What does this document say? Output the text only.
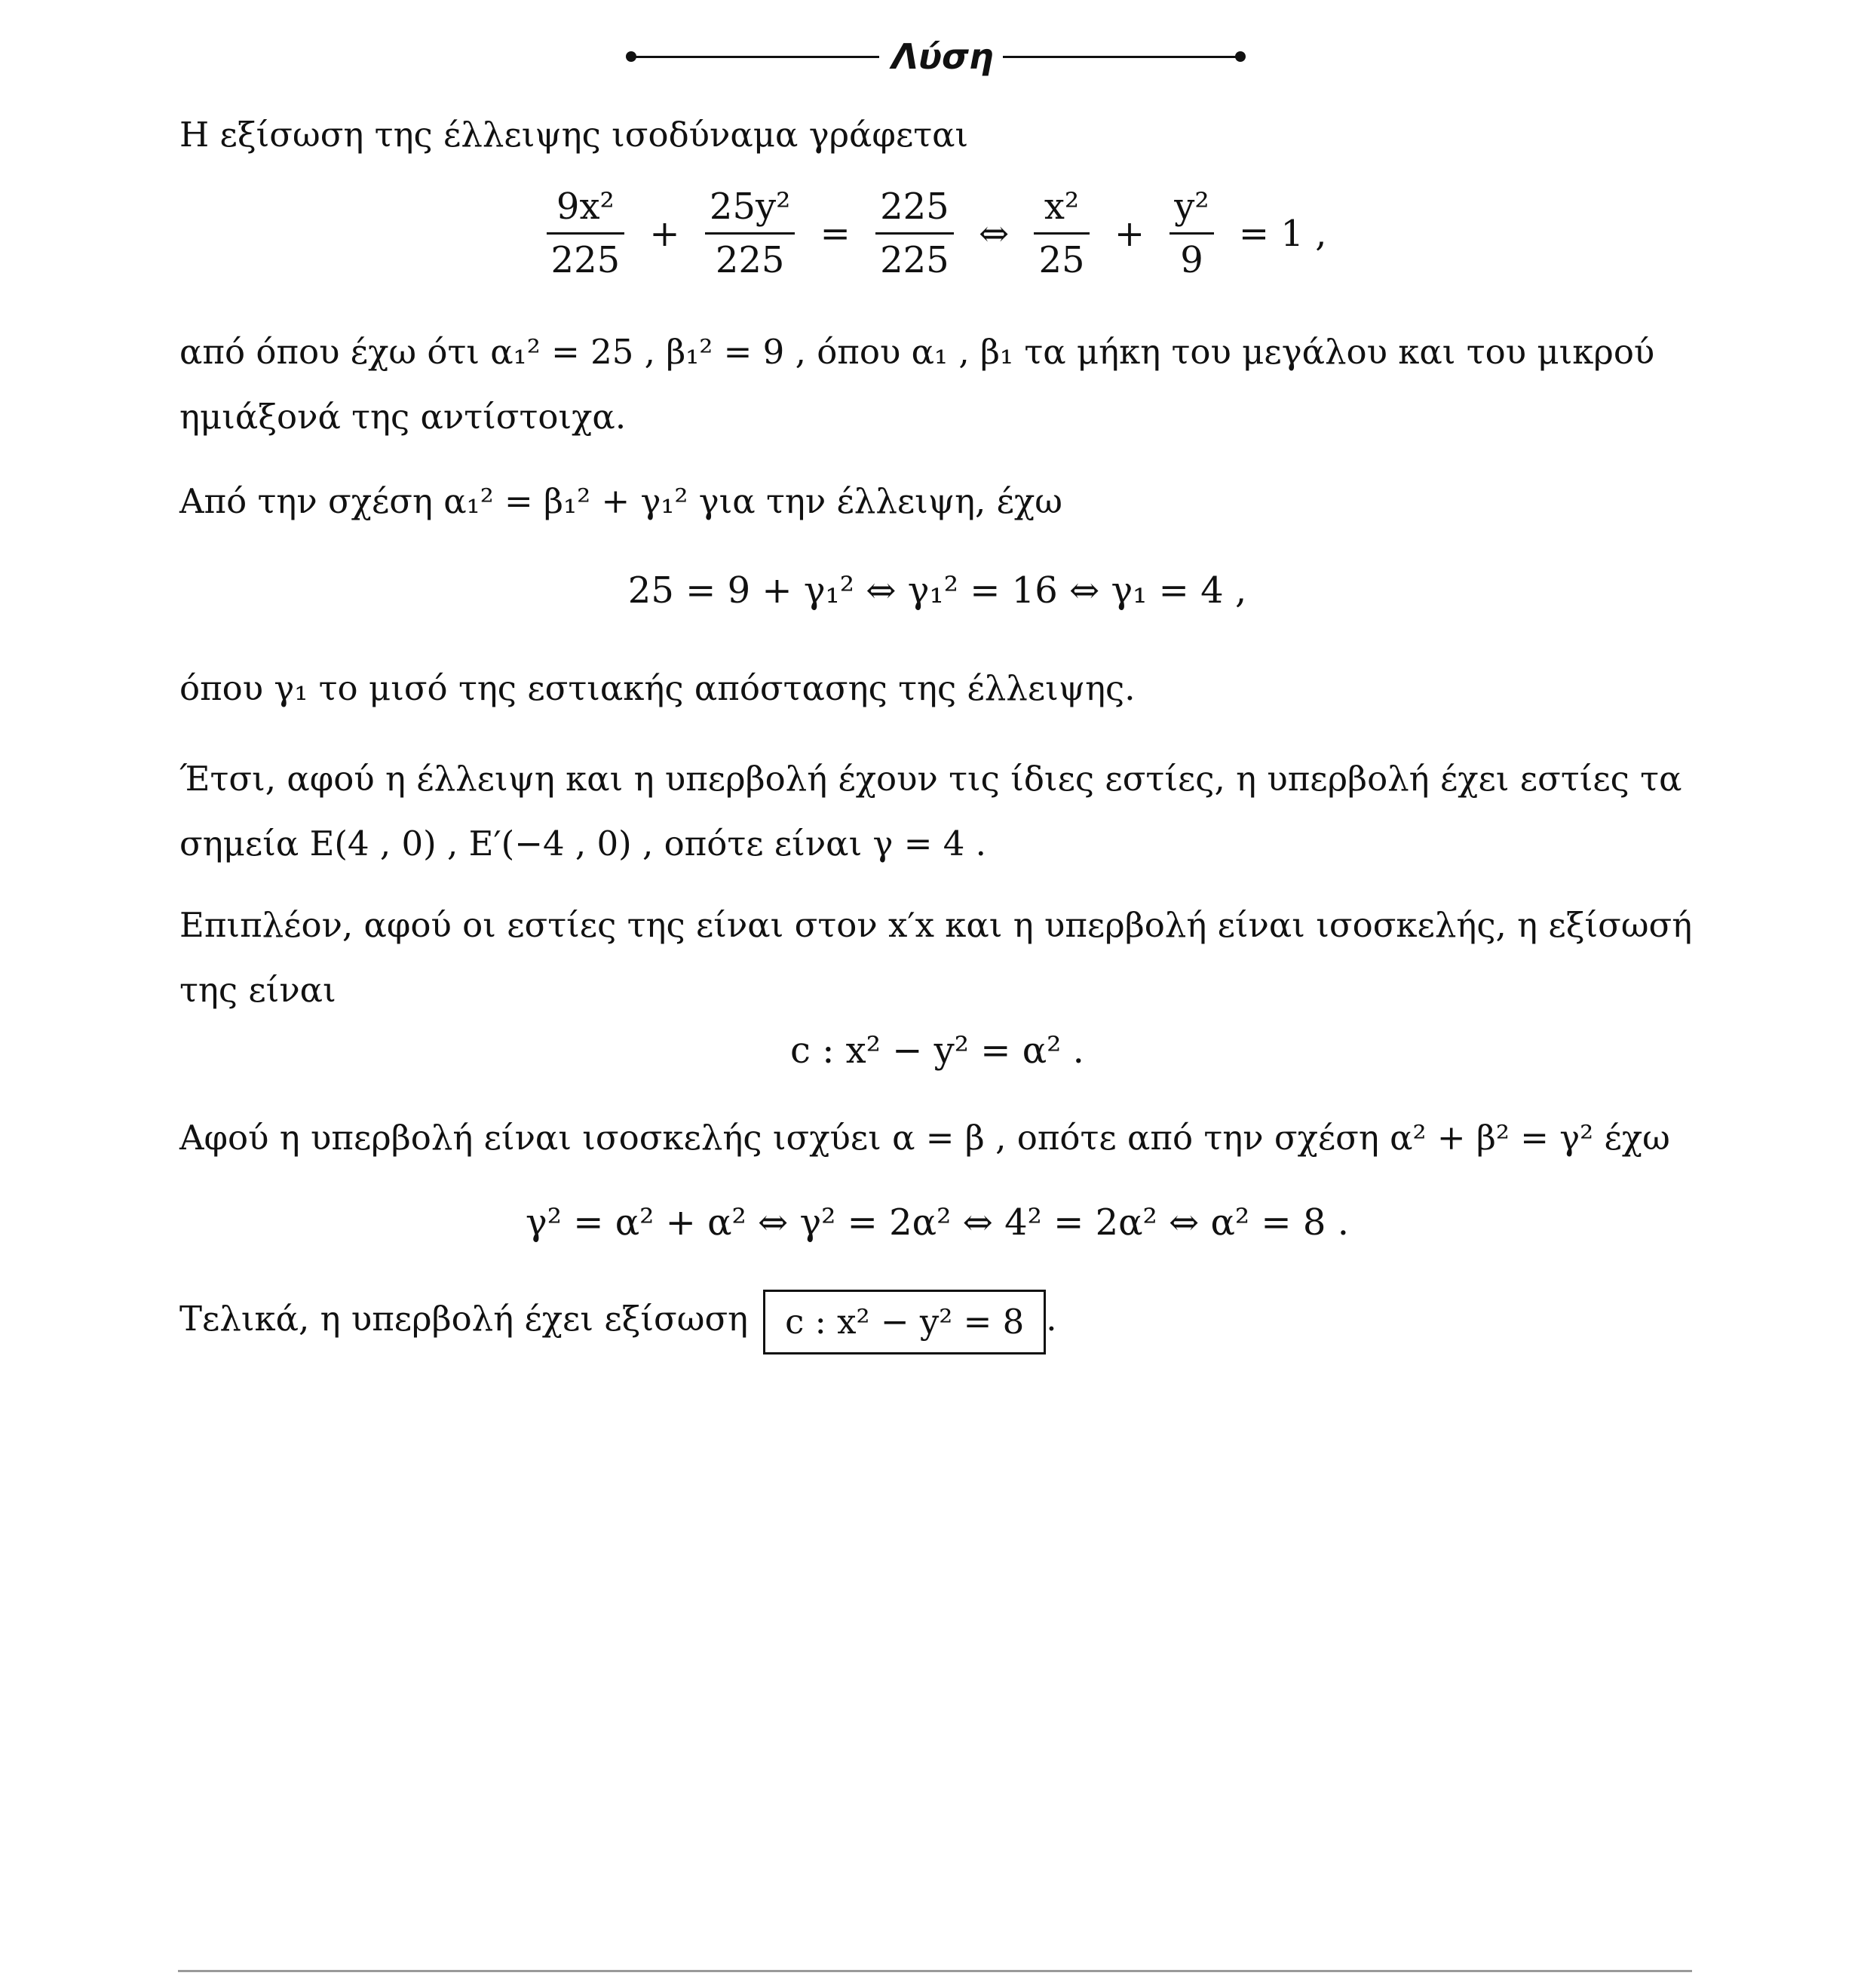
Λύση
Η εξίσωση της έλλειψης ισοδύναμα γράφεται
$\frac{\text{9x²}}{225} + \frac{\text{25y²}}{225} = \frac{225}{225}$ ⇔ $\frac{\text{x²}}{25} + \frac{\text{y²}}{9} = 1$ ,
από όπου έχω ότι α₁² = 25 , β₁² = 9 , όπου α₁ , β₁ τα μήκη του μεγάλου και του μικρού
ημιάξονά της αντίστοιχα.
Από την σχέση α₁² = β₁² + γ₁² για την έλλειψη, έχω
25 = 9 + γ₁² ⇔ γ₁² = 16 ⇔ γ₁ = 4 ,
όπου γ₁ το μισό της εστιακής απόστασης της έλλειψης.
Έτσι, αφού η έλλειψη και η υπερβολή έχουν τις ίδιες εστίες, η υπερβολή έχει εστίες τα
σημεία E(4 , 0) , E′(−4 , 0) , οπότε είναι γ = 4 .
Επιπλέον, αφού οι εστίες της είναι στον x′x και η υπερβολή είναι ισοσκελής, η εξίσωσή
της είναι
c : x² − y² = α² .
Αφού η υπερβολή είναι ισοσκελής ισχύει α = β , οπότε από την σχέση α² + β² = γ² έχω
γ² = α² + α² ⇔ γ² = 2α² ⇔ 4² = 2α² ⇔ α² = 8 .
Τελικά, η υπερβολή έχει εξίσωση c : x² − y² = 8 .
